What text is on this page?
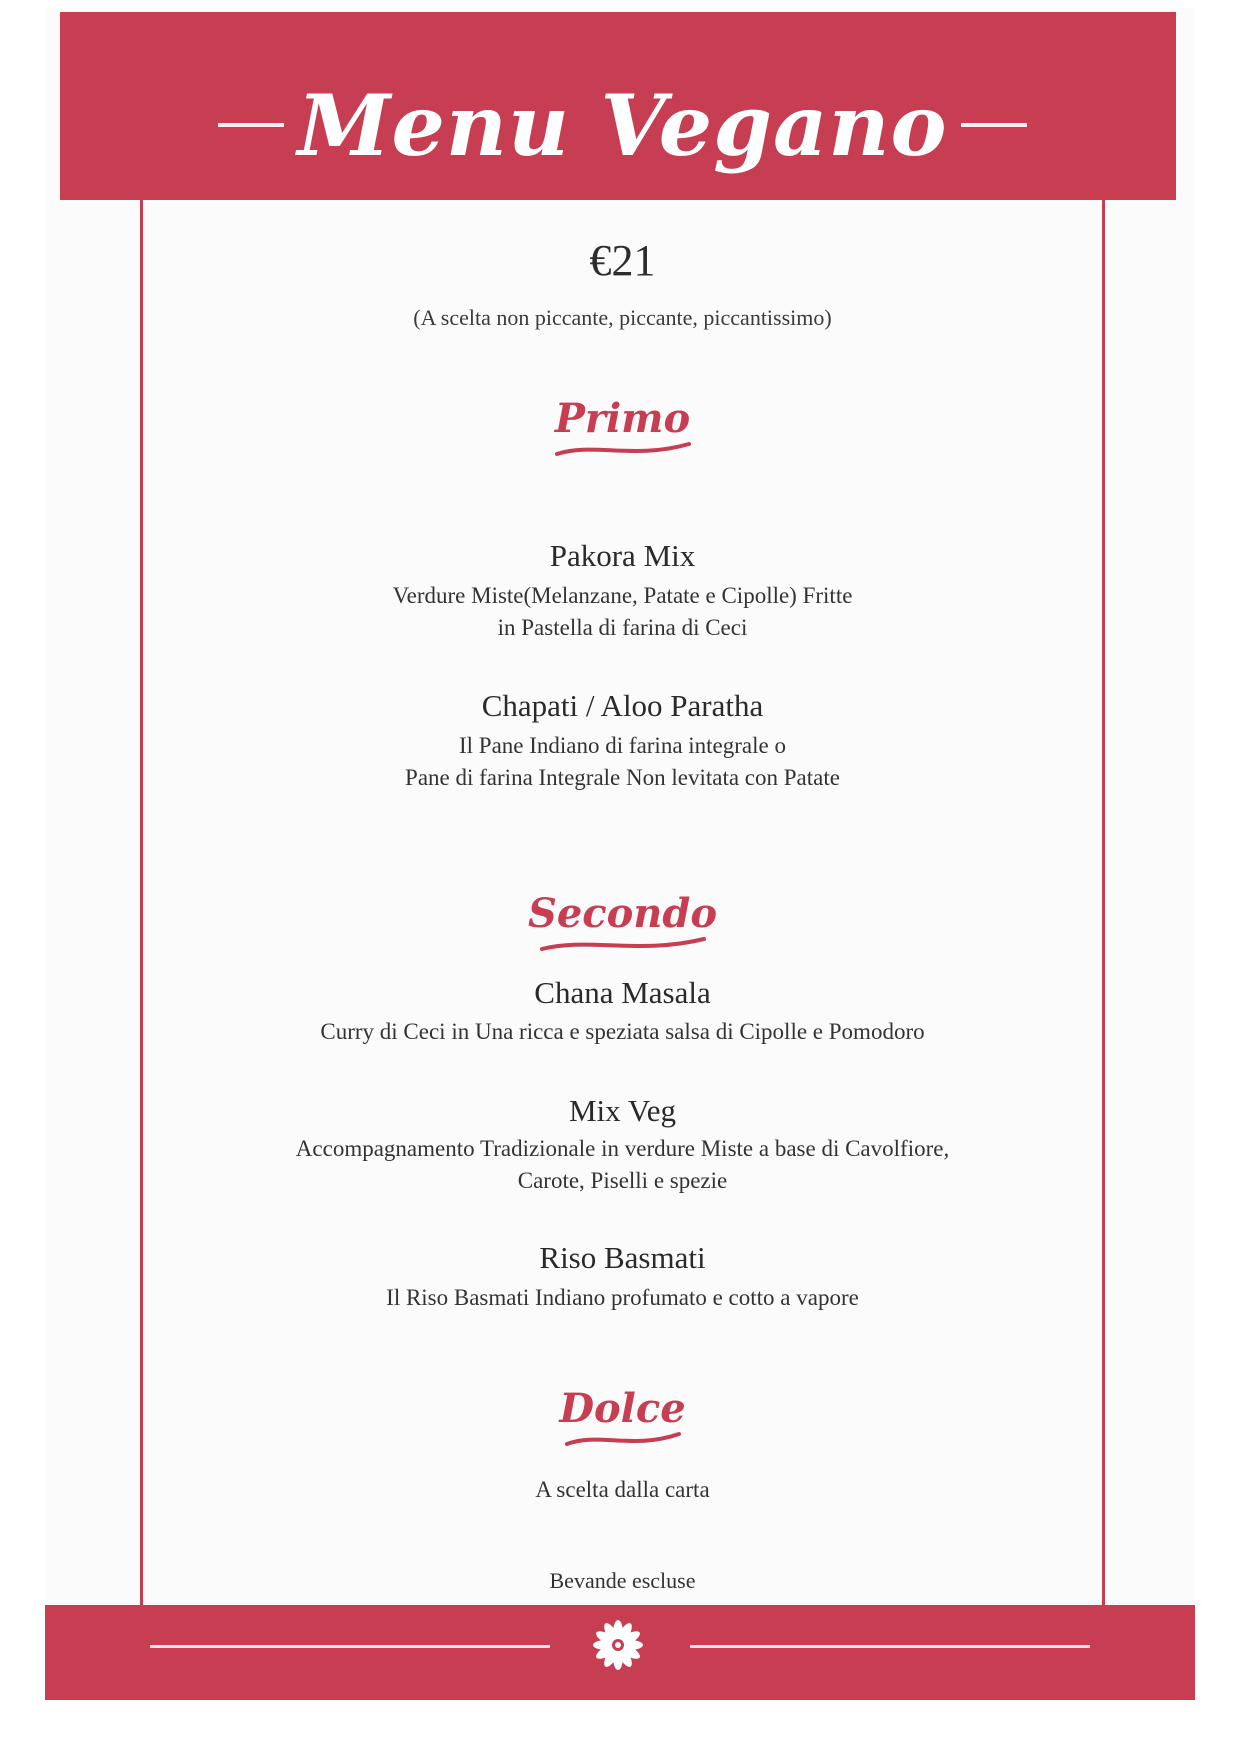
Menu Vegano
€21
(A scelta non piccante, piccante, piccantissimo)
Primo
Pakora Mix
Verdure Miste(Melanzane, Patate e Cipolle) Fritte
in Pastella di farina di Ceci
Chapati / Aloo Paratha
Il Pane Indiano di farina integrale o
Pane di farina Integrale Non levitata con Patate
Secondo
Chana Masala
Curry di Ceci in Una ricca e speziata salsa di Cipolle e Pomodoro
Mix Veg
Accompagnamento Tradizionale in verdure Miste a base di Cavolfiore,
Carote, Piselli e spezie
Riso Basmati
Il Riso Basmati Indiano profumato e cotto a vapore
Dolce
A scelta dalla carta
Bevande escluse
